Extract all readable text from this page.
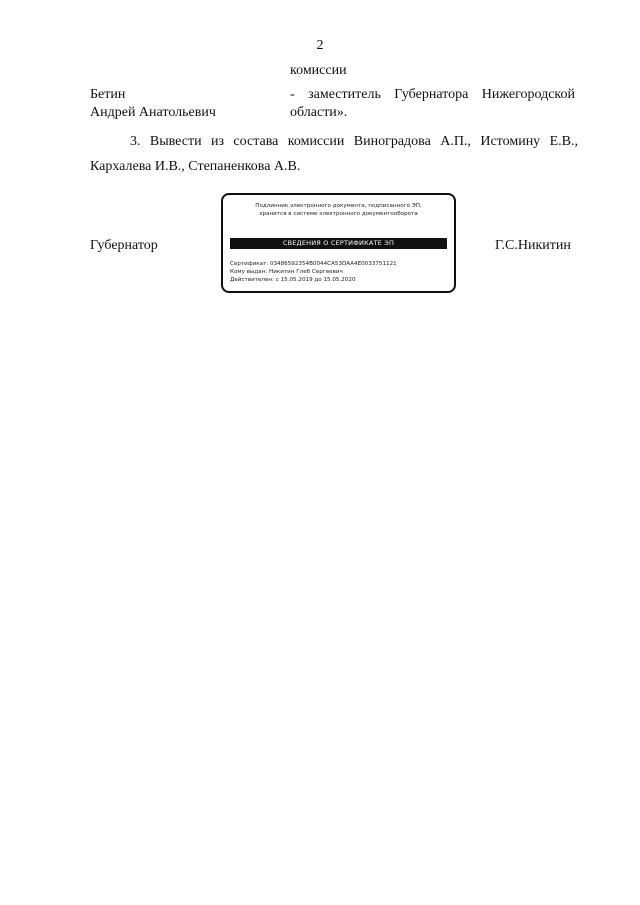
2
комиссии
Бетин
Андрей Анатольевич
- заместитель Губернатора Нижегородской
области».
3. Вывести из состава комиссии Виноградова А.П., Истомину Е.В.,
Кархалева И.В., Степаненкова А.В.
Губернатор	Г.С.Никитин
Подлинник электронного документа, подписанного ЭП,
хранится в системе электронного документооборота
СВЕДЕНИЯ О СЕРТИФИКАТЕ ЭП
Сертификат: 03486592354B0044CA53DAA4E0033751121
Кому выдан: Никитин Глеб Сергеевич
Действителен: с 15.05.2019 до 15.05.2020
